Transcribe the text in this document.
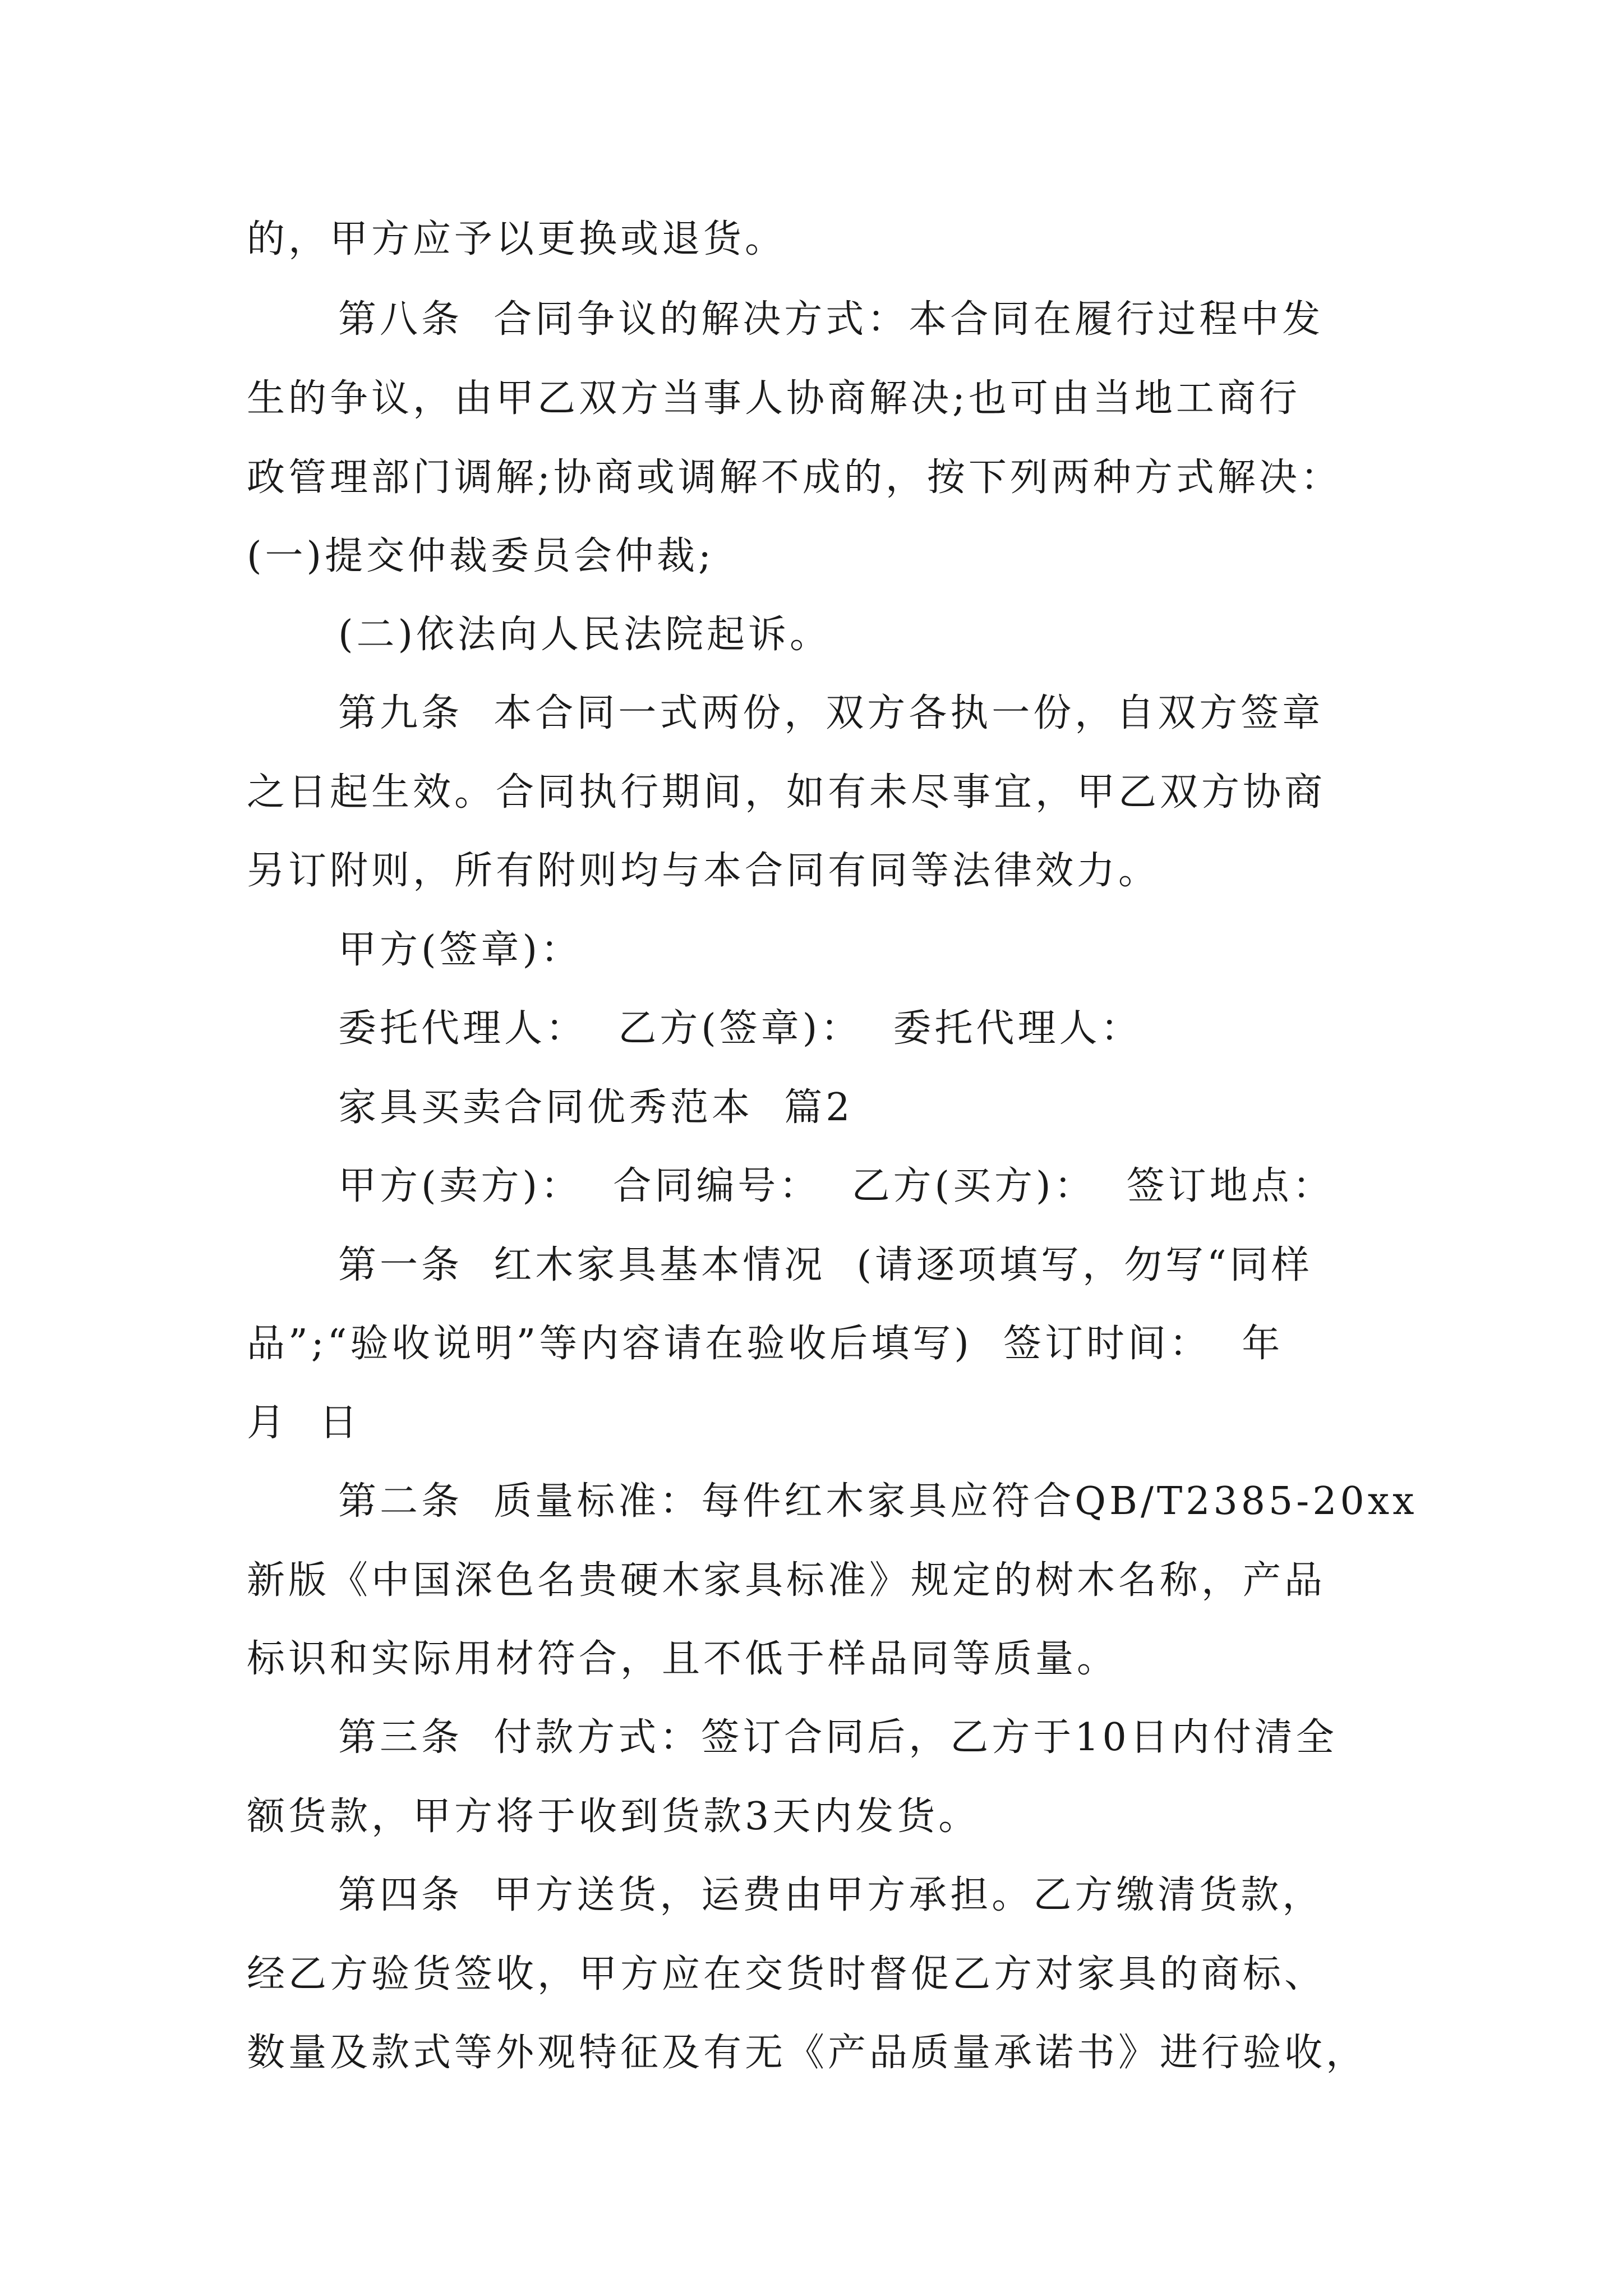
的，甲方应予以更换或退货。
第八条  合同争议的解决方式：本合同在履行过程中发
生的争议，由甲乙双方当事人协商解决;也可由当地工商行
政管理部门调解;协商或调解不成的，按下列两种方式解决：
(一)提交仲裁委员会仲裁;
(二)依法向人民法院起诉。
第九条  本合同一式两份，双方各执一份，自双方签章
之日起生效。合同执行期间，如有未尽事宜，甲乙双方协商
另订附则，所有附则均与本合同有同等法律效力。
甲方(签章)：
委托代理人：  乙方(签章)：  委托代理人：
家具买卖合同优秀范本  篇2
甲方(卖方)：  合同编号：  乙方(买方)：  签订地点：
第一条  红木家具基本情况  (请逐项填写，勿写“同样
品”;“验收说明”等内容请在验收后填写)  签订时间：  年
月  日
第二条  质量标准：每件红木家具应符合QB/T2385-20xx
新版《中国深色名贵硬木家具标准》规定的树木名称，产品
标识和实际用材符合，且不低于样品同等质量。
第三条  付款方式：签订合同后，乙方于10日内付清全
额货款，甲方将于收到货款3天内发货。
第四条  甲方送货，运费由甲方承担。乙方缴清货款，
经乙方验货签收，甲方应在交货时督促乙方对家具的商标、
数量及款式等外观特征及有无《产品质量承诺书》进行验收，
